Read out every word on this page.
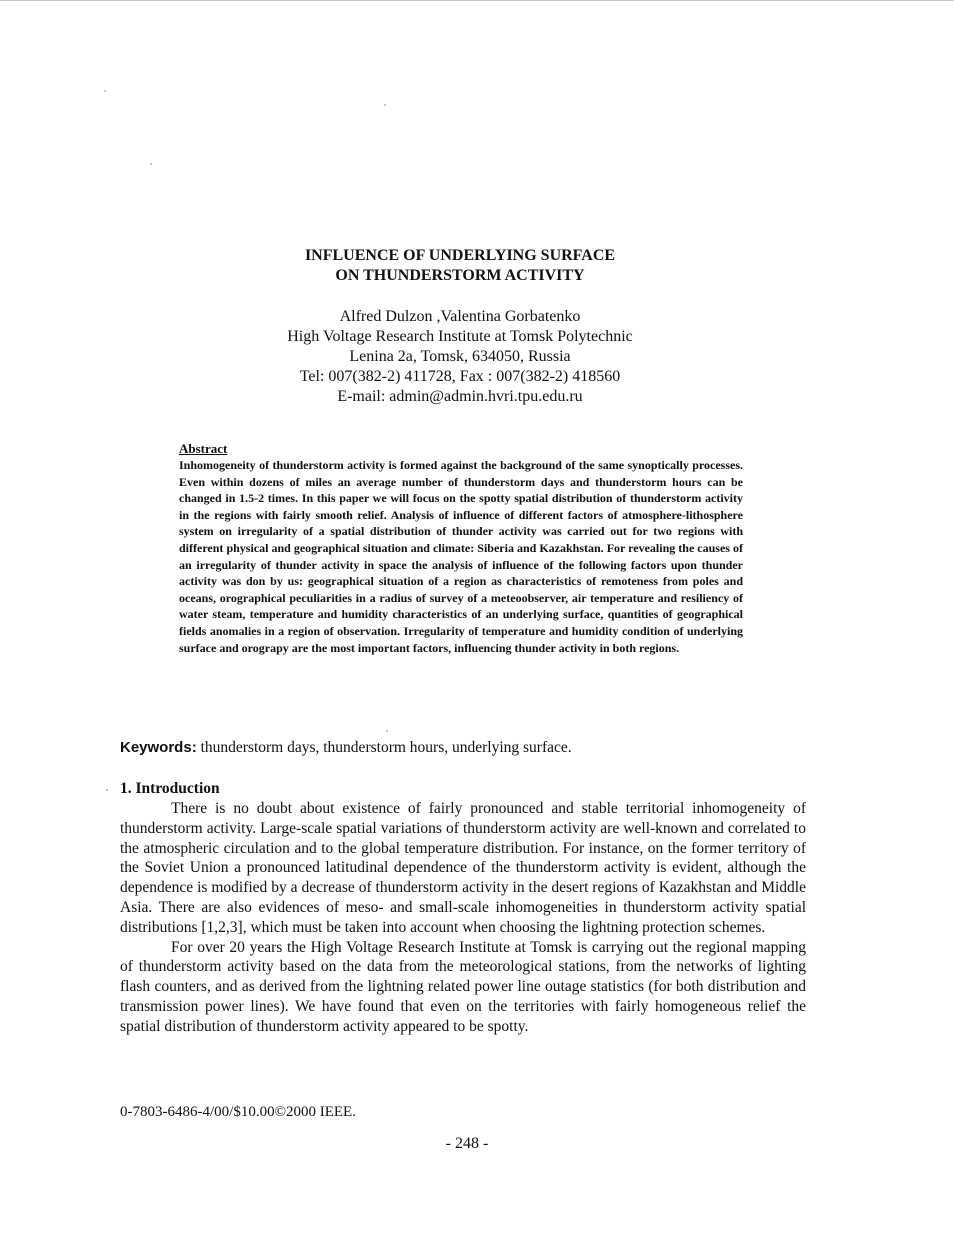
INFLUENCE OF UNDERLYING SURFACE
ON THUNDERSTORM ACTIVITY
Alfred Dulzon ,Valentina Gorbatenko
High Voltage Research Institute at Tomsk Polytechnic
Lenina 2a, Tomsk, 634050, Russia
Tel: 007(382-2) 411728, Fax : 007(382-2) 418560
E-mail: admin@admin.hvri.tpu.edu.ru
Abstract

Inhomogeneity of thunderstorm activity is formed against the background of the same synoptically processes. Even within dozens of miles an average number of thunderstorm days and thunderstorm hours can be changed in 1.5-2 times. In this paper we will focus on the spotty spatial distribution of thunderstorm activity in the regions with fairly smooth relief. Analysis of influence of different factors of atmosphere-lithosphere system on irregularity of a spatial distribution of thunder activity was carried out for two regions with different physical and geographical situation and climate: Siberia and Kazakhstan. For revealing the causes of an irregularity of thunder activity in space the analysis of influence of the following factors upon thunder activity was don by us: geographical situation of a region as characteristics of remoteness from poles and oceans, orographical peculiarities in a radius of survey of a meteoobserver, air temperature and resiliency of water steam, temperature and humidity characteristics of an underlying surface, quantities of geographical fields anomalies in a region of observation. Irregularity of temperature and humidity condition of underlying surface and orograpy are the most important factors, influencing thunder activity in both regions.

Keywords: thunderstorm days, thunderstorm hours, underlying surface.
1. Introduction

There is no doubt about existence of fairly pronounced and stable territorial inhomogeneity of thunderstorm activity. Large-scale spatial variations of thunderstorm activity are well-known and correlated to the atmospheric circulation and to the global temperature distribution. For instance, on the former territory of the Soviet Union a pronounced latitudinal dependence of the thunderstorm activity is evident, although the dependence is modified by a decrease of thunderstorm activity in the desert regions of Kazakhstan and Middle Asia. There are also evidences of meso- and small-scale inhomogeneities in thunderstorm activity spatial distributions [1,2,3], which must be taken into account when choosing the lightning protection schemes.

For over 20 years the High Voltage Research Institute at Tomsk is carrying out the regional mapping of thunderstorm activity based on the data from the meteorological stations, from the networks of lighting flash counters, and as derived from the lightning related power line outage statistics (for both distribution and transmission power lines). We have found that even on the territories with fairly homogeneous relief the spatial distribution of thunderstorm activity appeared to be spotty.

0-7803-6486-4/00/$10.00©2000 IEEE.
- 248 -
